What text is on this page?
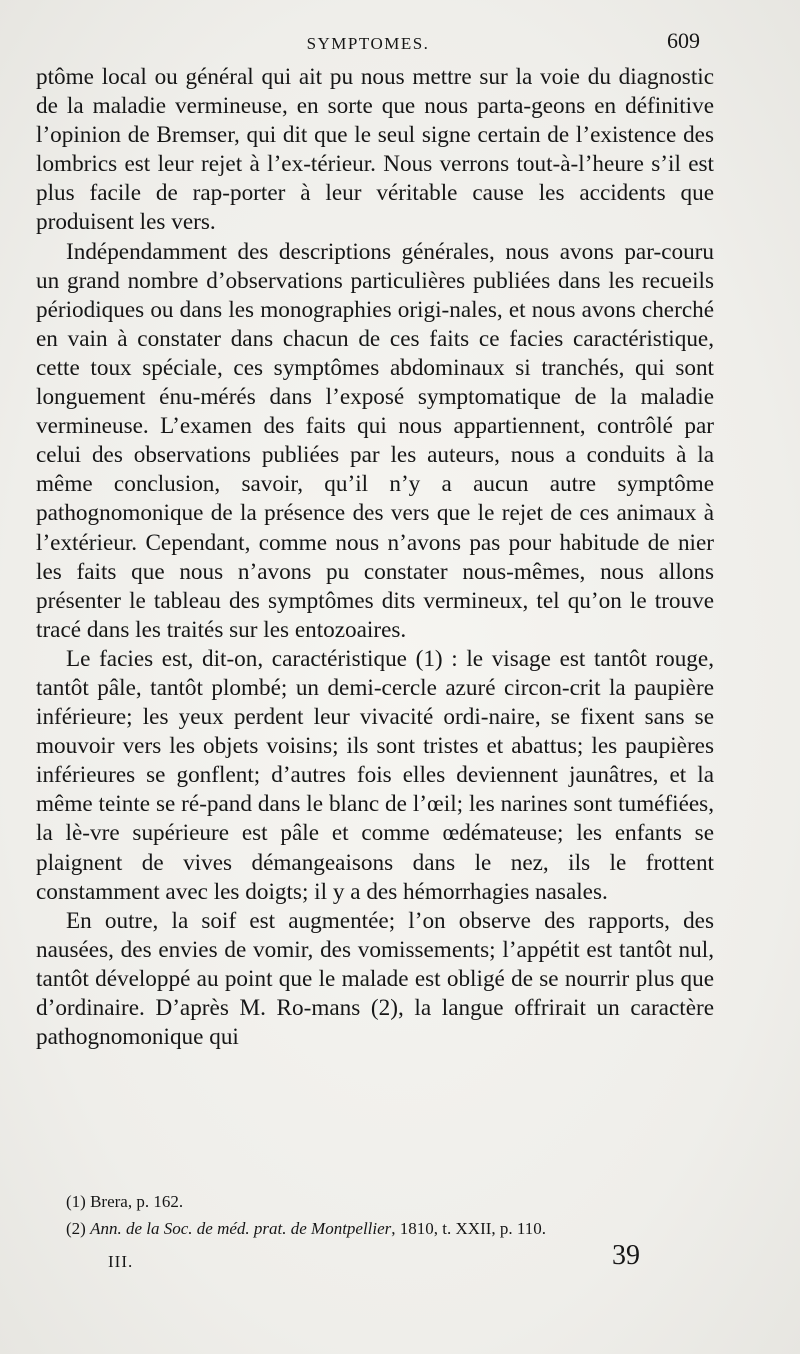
SYMPTOMES.	609

ptôme local ou général qui ait pu nous mettre sur la voie du diagnostic de la maladie vermineuse, en sorte que nous parta-geons en définitive l’opinion de Bremser, qui dit que le seul signe certain de l’existence des lombrics est leur rejet à l’ex-térieur. Nous verrons tout-à-l’heure s’il est plus facile de rap-porter à leur véritable cause les accidents que produisent les vers.

Indépendamment des descriptions générales, nous avons par-couru un grand nombre d’observations particulières publiées dans les recueils périodiques ou dans les monographies origi-nales, et nous avons cherché en vain à constater dans chacun de ces faits ce facies caractéristique, cette toux spéciale, ces symptômes abdominaux si tranchés, qui sont longuement énu-mérés dans l’exposé symptomatique de la maladie vermineuse. L’examen des faits qui nous appartiennent, contrôlé par celui des observations publiées par les auteurs, nous a conduits à la même conclusion, savoir, qu’il n’y a aucun autre symptôme pathognomonique de la présence des vers que le rejet de ces animaux à l’extérieur. Cependant, comme nous n’avons pas pour habitude de nier les faits que nous n’avons pu constater nous-mêmes, nous allons présenter le tableau des symptômes dits vermineux, tel qu’on le trouve tracé dans les traités sur les entozoaires.

Le facies est, dit-on, caractéristique (1) : le visage est tantôt rouge, tantôt pâle, tantôt plombé; un demi-cercle azuré circon-crit la paupière inférieure; les yeux perdent leur vivacité ordi-naire, se fixent sans se mouvoir vers les objets voisins; ils sont tristes et abattus; les paupières inférieures se gonflent; d’autres fois elles deviennent jaunâtres, et la même teinte se ré-pand dans le blanc de l’œil; les narines sont tuméfiées, la lè-vre supérieure est pâle et comme œdémateuse; les enfants se plaignent de vives démangeaisons dans le nez, ils le frottent constamment avec les doigts; il y a des hémorrhagies nasales.

En outre, la soif est augmentée; l’on observe des rapports, des nausées, des envies de vomir, des vomissements; l’appétit est tantôt nul, tantôt développé au point que le malade est obligé de se nourrir plus que d’ordinaire. D’après M. Ro-mans (2), la langue offrirait un caractère pathognomonique qui

(1) Brera, p. 162.
(2) Ann. de la Soc. de méd. prat. de Montpellier, 1810, t. XXII, p. 110.
III.	39
